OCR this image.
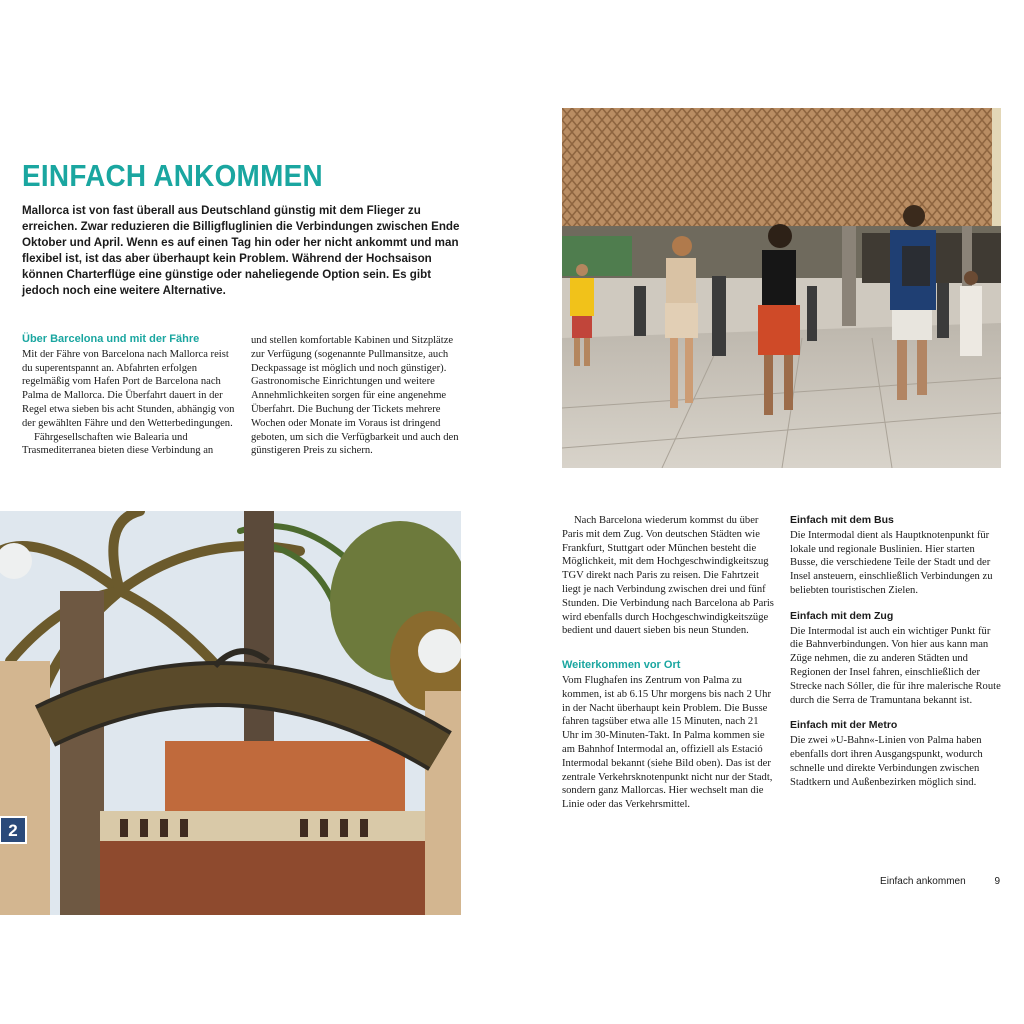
EINFACH ANKOMMEN
Mallorca ist von fast überall aus Deutschland günstig mit dem Flieger zu erreichen. Zwar reduzieren die Billigfluglinien die Verbindungen zwischen Ende Oktober und April. Wenn es auf einen Tag hin oder her nicht ankommt und man flexibel ist, ist das aber überhaupt kein Problem. Während der Hochsaison können Charterflüge eine günstige oder naheliegende Option sein. Es gibt jedoch noch eine weitere Alternative.
Über Barcelona und mit der Fähre

Mit der Fähre von Barcelona nach Mallorca reist du superentspannt an. Abfahrten erfolgen regelmäßig vom Hafen Port de Barcelona nach Palma de Mallorca. Die Überfahrt dauert in der Regel etwa sieben bis acht Stunden, abhängig von der gewählten Fähre und den Wetterbedingungen.

Fährgesellschaften wie Balearia und Trasmediterranea bieten diese Verbindung an

und stellen komfortable Kabinen und Sitzplätze zur Verfügung (sogenannte Pullmansitze, auch Deckpassage ist möglich und noch günstiger). Gastronomische Einrichtungen und weitere Annehmlichkeiten sorgen für eine angenehme Überfahrt. Die Buchung der Tickets mehrere Wochen oder Monate im Voraus ist dringend geboten, um sich die Verfügbarkeit und auch den günstigeren Preis zu sichern.

Nach Barcelona wiederum kommst du über Paris mit dem Zug. Von deutschen Städten wie Frankfurt, Stuttgart oder München besteht die Möglichkeit, mit dem Hochgeschwindigkeitszug TGV direkt nach Paris zu reisen. Die Fahrtzeit liegt je nach Verbindung zwischen drei und fünf Stunden. Die Verbindung nach Barcelona ab Paris wird ebenfalls durch Hochgeschwindigkeitszüge bedient und dauert sieben bis neun Stunden.

Weiterkommen vor Ort

Vom Flughafen ins Zentrum von Palma zu kommen, ist ab 6.15 Uhr morgens bis nach 2 Uhr in der Nacht überhaupt kein Problem. Die Busse fahren tagsüber etwa alle 15 Minuten, nach 21 Uhr im 30-Minuten-Takt. In Palma kommen sie am Bahnhof Intermodal an, offiziell als Estació Intermodal bekannt (siehe Bild oben). Das ist der zentrale Verkehrsknotenpunkt nicht nur der Stadt, sondern ganz Mallorcas. Hier wechselt man die Linie oder das Verkehrsmittel.

Einfach mit dem Bus

Die Intermodal dient als Hauptknotenpunkt für lokale und regionale Buslinien. Hier starten Busse, die verschiedene Teile der Stadt und der Insel ansteuern, einschließlich Verbindungen zu beliebten touristischen Zielen.

Einfach mit dem Zug

Die Intermodal ist auch ein wichtiger Punkt für die Bahnverbindungen. Von hier aus kann man Züge nehmen, die zu anderen Städten und Regionen der Insel fahren, einschließlich der Strecke nach Sóller, die für ihre malerische Route durch die Serra de Tramuntana bekannt ist.

Einfach mit der Metro

Die zwei »U-Bahn«-Linien von Palma haben ebenfalls dort ihren Ausgangspunkt, wodurch schnelle und direkte Verbindungen zwischen Stadtkern und Außenbezirken möglich sind.

Einfach ankommen	9
2
